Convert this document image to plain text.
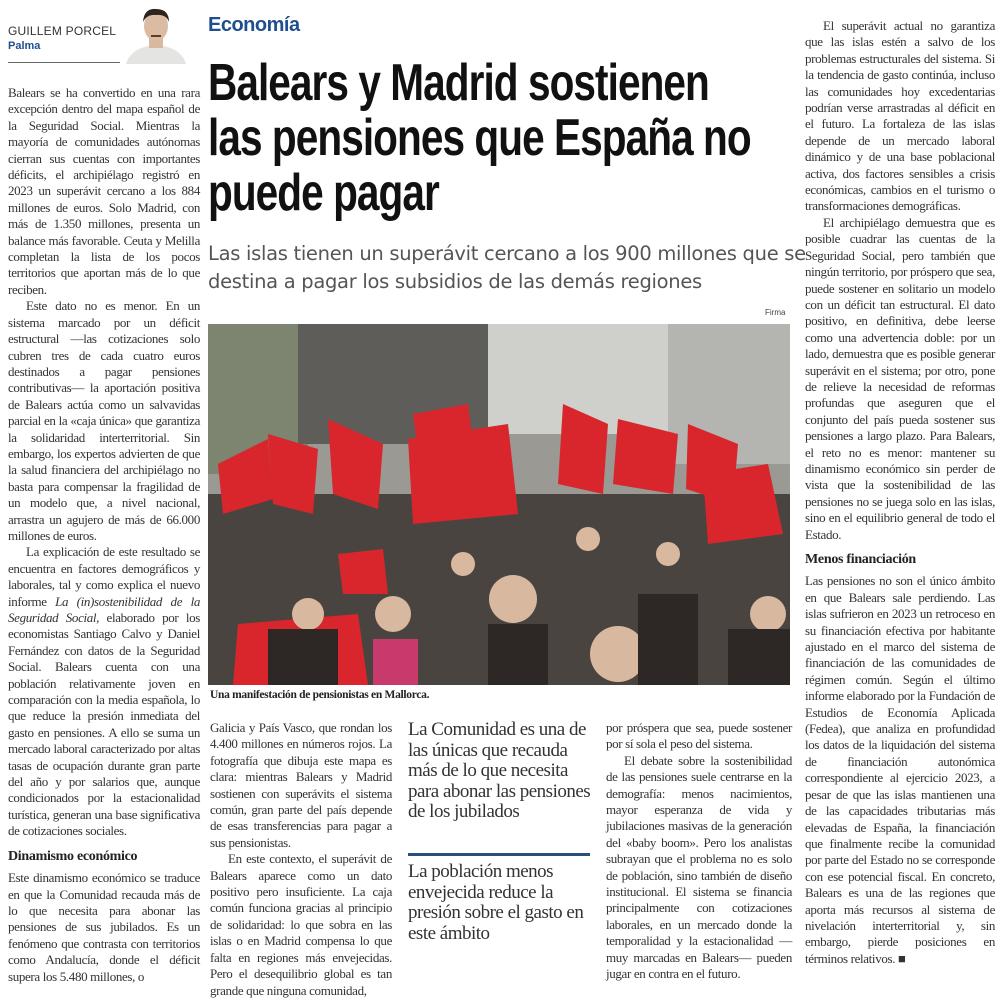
GUILLEM PORCEL
Palma
Economía
Balears y Madrid sostienen las pensiones que España no puede pagar
Las islas tienen un superávit cercano a los 900 millones que se destina a pagar los subsidios de las demás regiones
Firma
Una manifestación de pensionistas en Mallorca.

Balears se ha convertido en una rara excepción dentro del mapa español de la Seguridad Social. Mientras la mayoría de comunidades autónomas cierran sus cuentas con importantes déficits, el archipiélago registró en 2023 un superávit cercano a los 884 millones de euros. Solo Madrid, con más de 1.350 millones, presenta un balance más favorable. Ceuta y Melilla completan la lista de los pocos territorios que aportan más de lo que reciben.

Este dato no es menor. En un sistema marcado por un déficit estructural —las cotizaciones solo cubren tres de cada cuatro euros destinados a pagar pensiones contributivas— la aportación positiva de Balears actúa como un salvavidas parcial en la «caja única» que garantiza la solidaridad interterritorial. Sin embargo, los expertos advierten de que la salud financiera del archipiélago no basta para compensar la fragilidad de un modelo que, a nivel nacional, arrastra un agujero de más de 66.000 millones de euros.

La explicación de este resultado se encuentra en factores demográficos y laborales, tal y como explica el nuevo informe La (in)sostenibilidad de la Seguridad Social, elaborado por los economistas Santiago Calvo y Daniel Fernández con datos de la Seguridad Social. Balears cuenta con una población relativamente joven en comparación con la media española, lo que reduce la presión inmediata del gasto en pensiones. A ello se suma un mercado laboral caracterizado por altas tasas de ocupación durante gran parte del año y por salarios que, aunque condicionados por la estacionalidad turística, generan una base significativa de cotizaciones sociales.

Dinamismo económico

Este dinamismo económico se traduce en que la Comunidad recauda más de lo que necesita para abonar las pensiones de sus jubilados. Es un fenómeno que contrasta con territorios como Andalucía, donde el déficit supera los 5.480 millones, o

Galicia y País Vasco, que rondan los 4.400 millones en números rojos. La fotografía que dibuja este mapa es clara: mientras Balears y Madrid sostienen con superávits el sistema común, gran parte del país depende de esas transferencias para pagar a sus pensionistas.

En este contexto, el superávit de Balears aparece como un dato positivo pero insuficiente. La caja común funciona gracias al principio de solidaridad: lo que sobra en las islas o en Madrid compensa lo que falta en regiones más envejecidas. Pero el desequilibrio global es tan grande que ninguna comunidad,

La Comunidad es una de las únicas que recauda más de lo que necesita para abonar las pensiones de los jubilados
La población menos envejecida reduce la presión sobre el gasto en este ámbito

por próspera que sea, puede sostener por sí sola el peso del sistema.

El debate sobre la sostenibilidad de las pensiones suele centrarse en la demografía: menos nacimientos, mayor esperanza de vida y jubilaciones masivas de la generación del «baby boom». Pero los analistas subrayan que el problema no es solo de población, sino también de diseño institucional. El sistema se financia principalmente con cotizaciones laborales, en un mercado donde la temporalidad y la estacionalidad —muy marcadas en Balears— pueden jugar en contra en el futuro.

El superávit actual no garantiza que las islas estén a salvo de los problemas estructurales del sistema. Si la tendencia de gasto continúa, incluso las comunidades hoy excedentarias podrían verse arrastradas al déficit en el futuro. La fortaleza de las islas depende de un mercado laboral dinámico y de una base poblacional activa, dos factores sensibles a crisis económicas, cambios en el turismo o transformaciones demográficas.

El archipiélago demuestra que es posible cuadrar las cuentas de la Seguridad Social, pero también que ningún territorio, por próspero que sea, puede sostener en solitario un modelo con un déficit tan estructural. El dato positivo, en definitiva, debe leerse como una advertencia doble: por un lado, demuestra que es posible generar superávit en el sistema; por otro, pone de relieve la necesidad de reformas profundas que aseguren que el conjunto del país pueda sostener sus pensiones a largo plazo. Para Balears, el reto no es menor: mantener su dinamismo económico sin perder de vista que la sostenibilidad de las pensiones no se juega solo en las islas, sino en el equilibrio general de todo el Estado.

Menos financiación

Las pensiones no son el único ámbito en que Balears sale perdiendo. Las islas sufrieron en 2023 un retroceso en su financiación efectiva por habitante ajustado en el marco del sistema de financiación de las comunidades de régimen común. Según el último informe elaborado por la Fundación de Estudios de Economía Aplicada (Fedea), que analiza en profundidad los datos de la liquidación del sistema de financiación autonómica correspondiente al ejercicio 2023, a pesar de que las islas mantienen una de las capacidades tributarias más elevadas de España, la financiación que finalmente recibe la comunidad por parte del Estado no se corresponde con ese potencial fiscal. En concreto, Balears es una de las regiones que aporta más recursos al sistema de nivelación interterritorial y, sin embargo, pierde posiciones en términos relativos. ■
